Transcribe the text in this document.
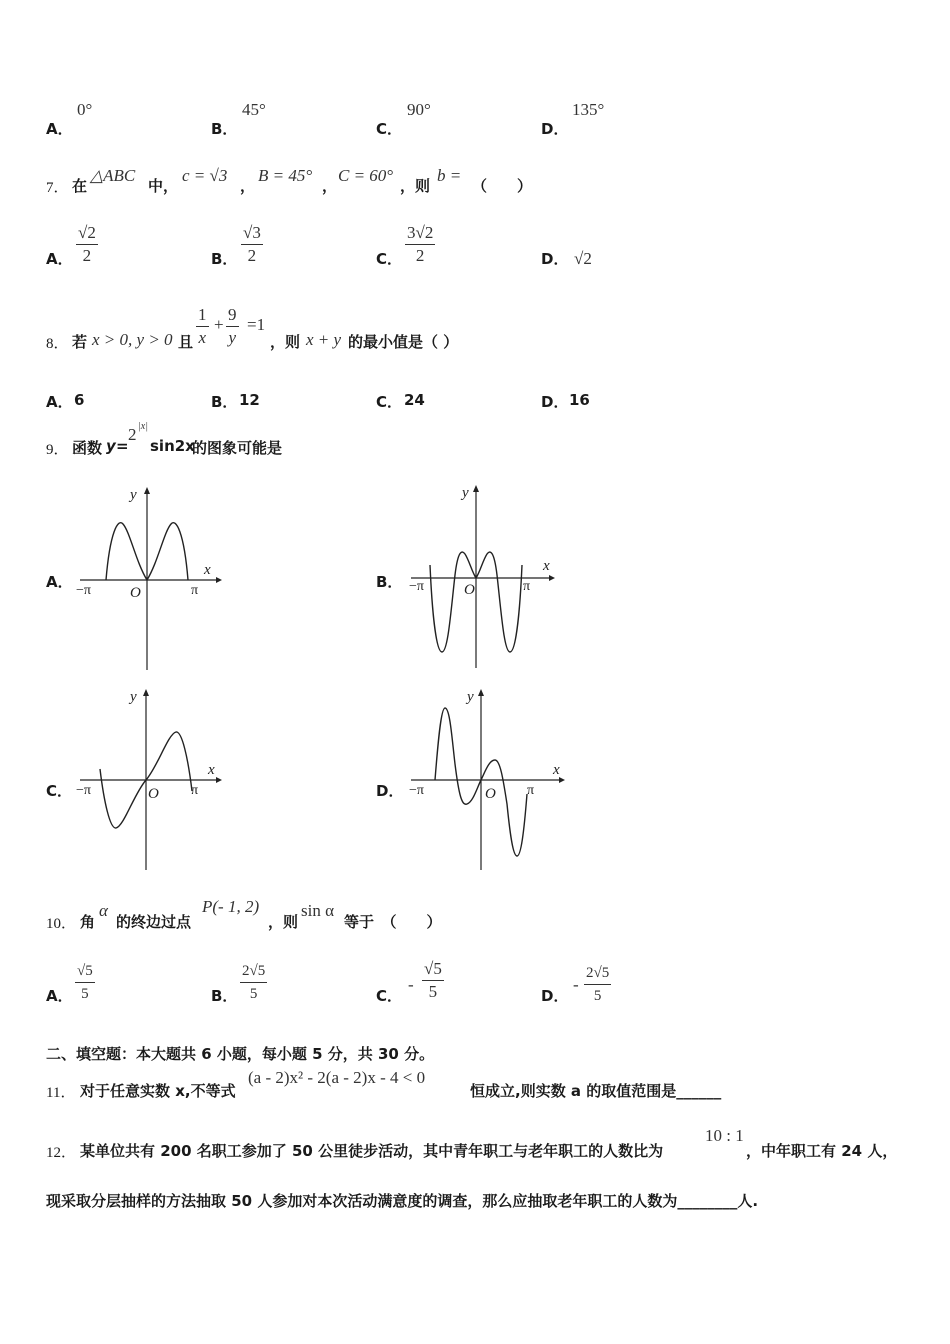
A．
0°
B．
45°
C．
90°
D．
135°
7． 在
△ABC
中，
c = √3
，
B = 45°
，
C = 60°
，则
b =
（　　）
A． $\frac{√2}{2}$	B． $\frac{√3}{2}$	C． $\frac{3√2}{2}$	D． √2
8． 若 x > 0, y > 0 且 $\frac{1}{x} + \frac{9}{y} =1$
，则 x + y 的最小值是（ ）
A． 6	B． 12	C． 24	D． 16
9． 函数 y =
2 |x|
sin2x
的图象可能是
A．	B．
C．	D．
y
x
O
−π	π
y
x
O
−π	π
y
x
O
−π	π
y
x
O
−π	π
10． 角
α
的终边过点
P(- 1, 2)
，则
sin α
等于　（　　）
A． $\frac{√5}{5}$	B． $\frac{2√5}{5}$	C．
- $\frac{√5}{5}$	D．
- $\frac{2√5}{5}$
二、填空题：本大题共 6 小题，每小题 5 分，共 30 分。
11． 对于任意实数 x,不等式
(a - 2)x² - 2(a - 2)x - 4 < 0
恒成立,则实数 a 的取值范围是______
12． 某单位共有 200 名职工参加了 50 公里徒步活动，其中青年职工与老年职工的人数比为
10 : 1
，中年职工有 24 人，
现采取分层抽样的方法抽取 50 人参加对本次活动满意度的调查，那么应抽取老年职工的人数为________人.
